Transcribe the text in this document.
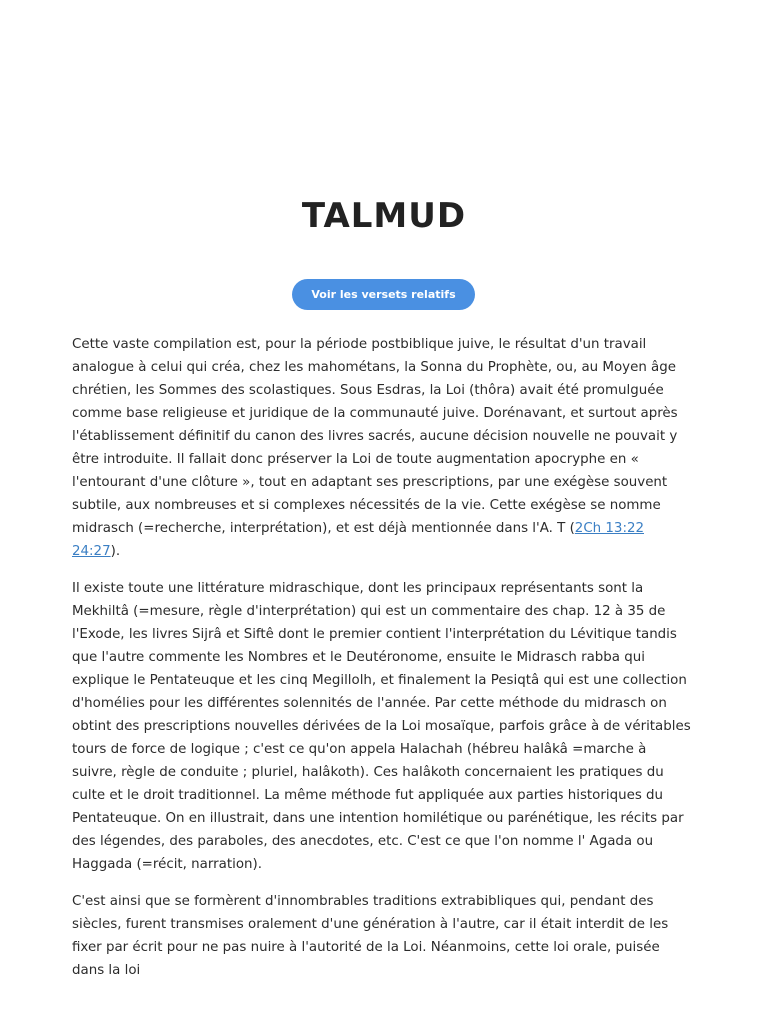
TALMUD
Voir les versets relatifs

Cette vaste compilation est, pour la période postbiblique juive, le résultat d'un travail analogue à celui qui créa, chez les mahométans, la Sonna du Prophète, ou, au Moyen âge chrétien, les Sommes des scolastiques. Sous Esdras, la Loi (thôra) avait été promulguée comme base religieuse et juridique de la communauté juive. Dorénavant, et surtout après l'établissement définitif du canon des livres sacrés, aucune décision nouvelle ne pouvait y être introduite. Il fallait donc préserver la Loi de toute augmentation apocryphe en « l'entourant d'une clôture », tout en adaptant ses prescriptions, par une exégèse souvent subtile, aux nombreuses et si complexes nécessités de la vie. Cette exégèse se nomme midrasch (=recherche, interprétation), et est déjà mentionnée dans l'A. T (2Ch 13:22 24:27).

Il existe toute une littérature midraschique, dont les principaux représentants sont la Mekhiltâ (=mesure, règle d'interprétation) qui est un commentaire des chap. 12 à 35 de l'Exode, les livres Sijrâ et Siftê dont le premier contient l'interprétation du Lévitique tandis que l'autre commente les Nombres et le Deutéronome, ensuite le Midrasch rabba qui explique le Pentateuque et les cinq Megillolh, et finalement la Pesiqtâ qui est une collection d'homélies pour les différentes solennités de l'année. Par cette méthode du midrasch on obtint des prescriptions nouvelles dérivées de la Loi mosaïque, parfois grâce à de véritables tours de force de logique ; c'est ce qu'on appela Halachah (hébreu halâkâ =marche à suivre, règle de conduite ; pluriel, halâkoth). Ces halâkoth concernaient les pratiques du culte et le droit traditionnel. La même méthode fut appliquée aux parties historiques du Pentateuque. On en illustrait, dans une intention homilétique ou parénétique, les récits par des légendes, des paraboles, des anecdotes, etc. C'est ce que l'on nomme l' Agada ou Haggada (=récit, narration).

C'est ainsi que se formèrent d'innombrables traditions extrabibliques qui, pendant des siècles, furent transmises oralement d'une génération à l'autre, car il était interdit de les fixer par écrit pour ne pas nuire à l'autorité de la Loi. Néanmoins, cette loi orale, puisée dans la loi
